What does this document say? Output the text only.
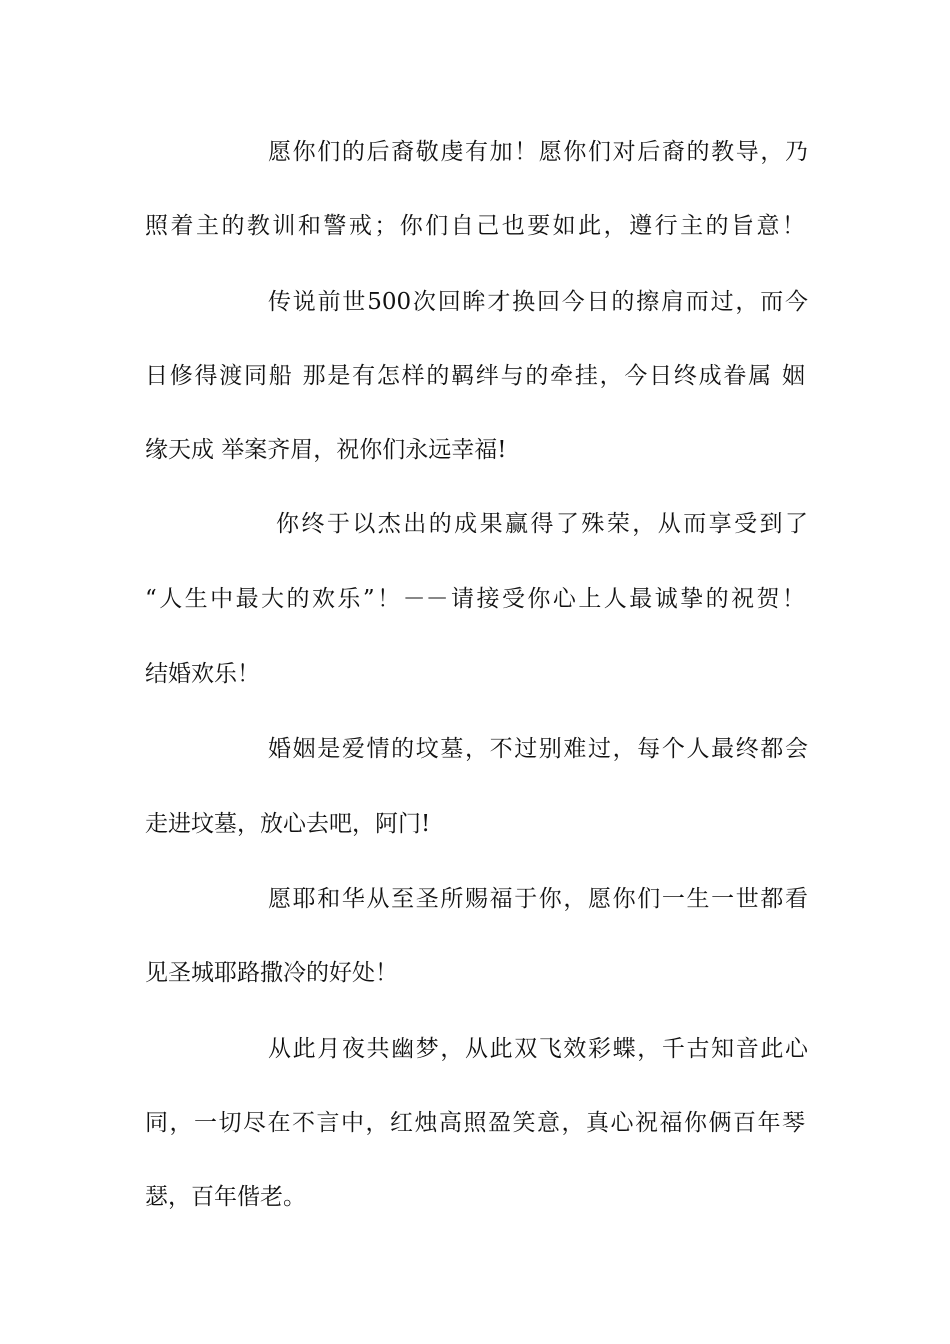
愿你们的后裔敬虔有加！愿你们对后裔的教导，乃
照着主的教训和警戒；你们自己也要如此，遵行主的旨意！
传说前世500次回眸才换回今日的擦肩而过，而今
日修得渡同船 那是有怎样的羁绊与的牵挂，今日终成眷属 姻
缘天成 举案齐眉，祝你们永远幸福!
你终于以杰出的成果赢得了殊荣，从而享受到了
“人生中最大的欢乐”！－－请接受你心上人最诚挚的祝贺！
结婚欢乐！
婚姻是爱情的坟墓，不过别难过，每个人最终都会
走进坟墓，放心去吧，阿门!
愿耶和华从至圣所赐福于你，愿你们一生一世都看
见圣城耶路撒冷的好处！
从此月夜共幽梦，从此双飞效彩蝶，千古知音此心
同，一切尽在不言中，红烛高照盈笑意，真心祝福你俩百年琴
瑟，百年偕老。
